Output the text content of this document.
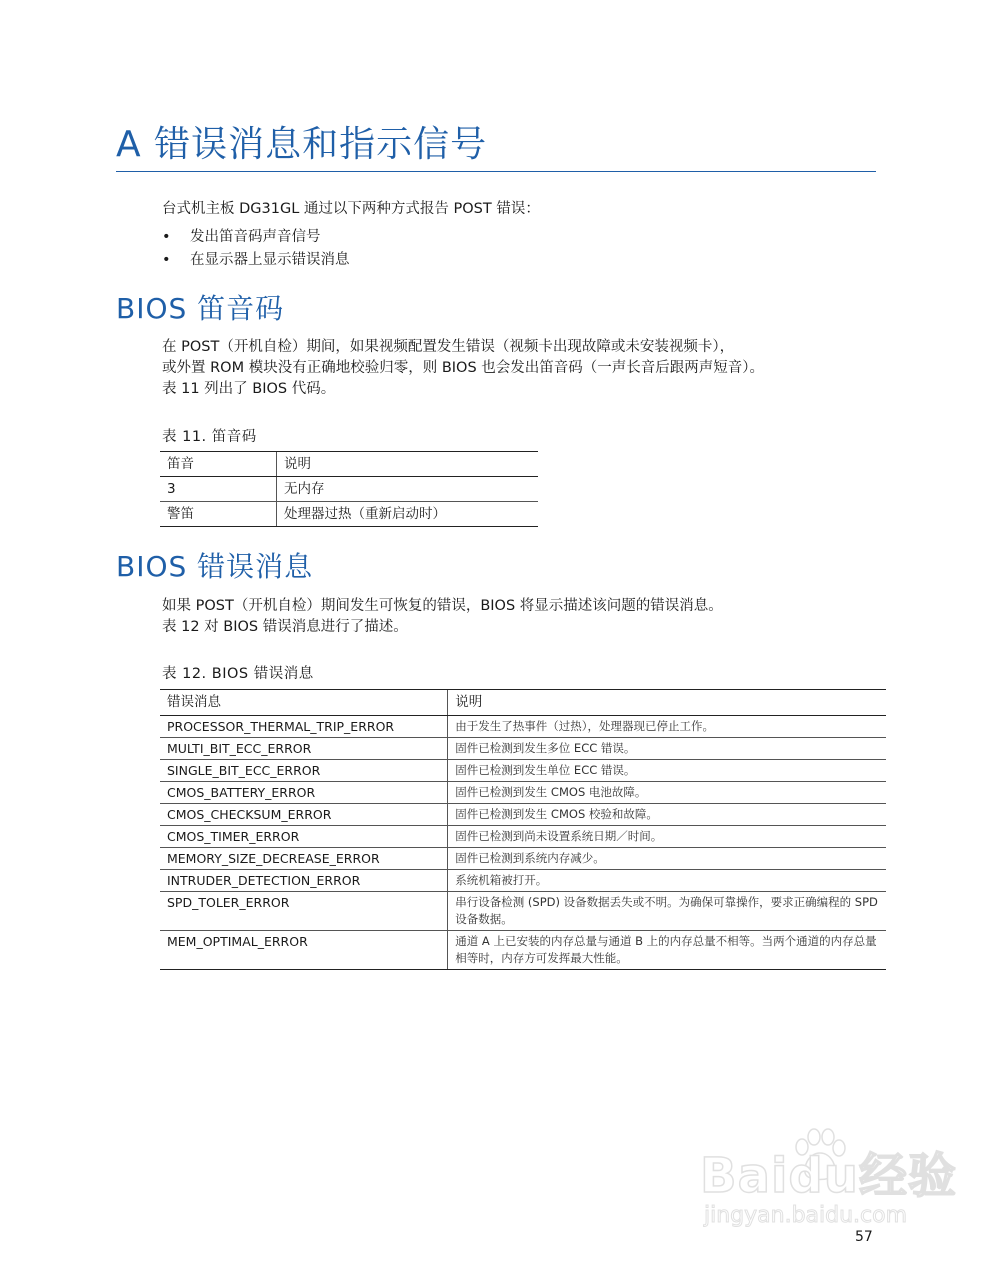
A 错误消息和指示信号
台式机主板 DG31GL 通过以下两种方式报告 POST 错误：
• 发出笛音码声音信号
• 在显示器上显示错误消息
BIOS 笛音码
在 POST（开机自检）期间，如果视频配置发生错误（视频卡出现故障或未安装视频卡），
或外置 ROM 模块没有正确地校验归零，则 BIOS 也会发出笛音码（一声长音后跟两声短音）。
表 11 列出了 BIOS 代码。
表 11. 笛音码
笛音	说明
3	无内存
警笛	处理器过热（重新启动时）
BIOS 错误消息
如果 POST（开机自检）期间发生可恢复的错误，BIOS 将显示描述该问题的错误消息。
表 12 对 BIOS 错误消息进行了描述。
表 12. BIOS 错误消息
错误消息	说明
PROCESSOR_THERMAL_TRIP_ERROR	由于发生了热事件（过热），处理器现已停止工作。
MULTI_BIT_ECC_ERROR	固件已检测到发生多位 ECC 错误。
SINGLE_BIT_ECC_ERROR	固件已检测到发生单位 ECC 错误。
CMOS_BATTERY_ERROR	固件已检测到发生 CMOS 电池故障。
CMOS_CHECKSUM_ERROR	固件已检测到发生 CMOS 校验和故障。
CMOS_TIMER_ERROR	固件已检测到尚未设置系统日期／时间。
MEMORY_SIZE_DECREASE_ERROR	固件已检测到系统内存减少。
INTRUDER_DETECTION_ERROR	系统机箱被打开。
SPD_TOLER_ERROR	串行设备检测 (SPD) 设备数据丢失或不明。为确保可靠操作，要求正确编程的 SPD 设备数据。
MEM_OPTIMAL_ERROR	通道 A 上已安装的内存总量与通道 B 上的内存总量不相等。当两个通道的内存总量相等时，内存方可发挥最大性能。
Baidu经验
jingyan.baidu.com
57
